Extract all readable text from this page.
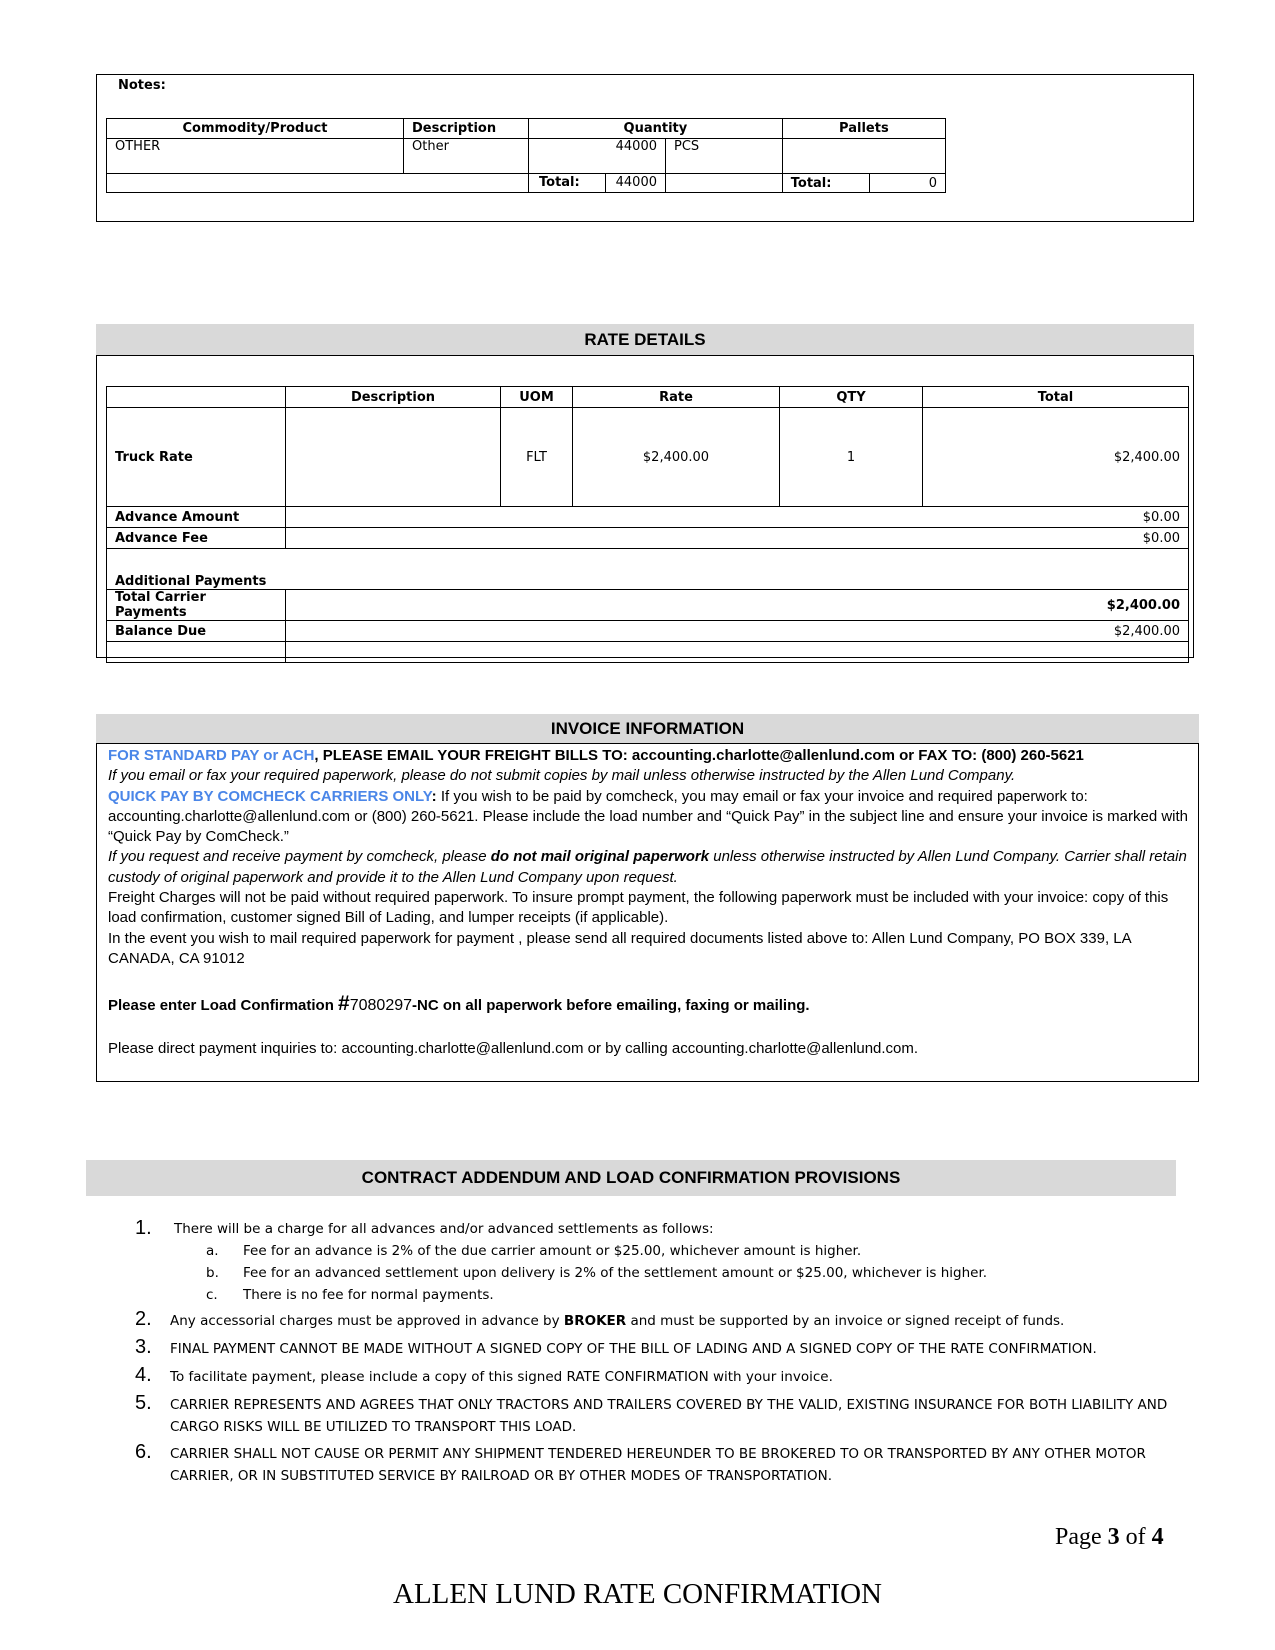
Notes:
Commodity/Product	Description	Quantity		Pallets	
OTHER	Other	44000	PCS		

		Total: 44000		Total:	0
RATE DETAILS
	Description	UOM	Rate	QTY	Total
Truck Rate		FLT	$2,400.00	1	$2,400.00
Advance Amount	$0.00				
Advance Fee	$0.00				
Additional Payments					
Total Carrier Payments	$2,400.00				
Balance Due	$2,400.00				

INVOICE INFORMATION

FOR STANDARD PAY or ACH, PLEASE EMAIL YOUR FREIGHT BILLS TO: accounting.charlotte@allenlund.com or FAX TO: (800) 260-5621

If you email or fax your required paperwork, please do not submit copies by mail unless otherwise instructed by the Allen Lund Company.

QUICK PAY BY COMCHECK CARRIERS ONLY: If you wish to be paid by comcheck, you may email or fax your invoice and required paperwork to: accounting.charlotte@allenlund.com or (800) 260-5621. Please include the load number and “Quick Pay” in the subject line and ensure your invoice is marked with “Quick Pay by ComCheck.”

If you request and receive payment by comcheck, please do not mail original paperwork unless otherwise instructed by Allen Lund Company. Carrier shall retain custody of original paperwork and provide it to the Allen Lund Company upon request.

Freight Charges will not be paid without required paperwork. To insure prompt payment, the following paperwork must be included with your invoice: copy of this load confirmation, customer signed Bill of Lading, and lumper receipts (if applicable).

In the event you wish to mail required paperwork for payment , please send all required documents listed above to: Allen Lund Company, PO BOX 339, LA CANADA, CA 91012

Please enter Load Confirmation #7080297-NC on all paperwork before emailing, faxing or mailing.

Please direct payment inquiries to: accounting.charlotte@allenlund.com or by calling accounting.charlotte@allenlund.com.

CONTRACT ADDENDUM AND LOAD CONFIRMATION PROVISIONS
1. There will be a charge for all advances and/or advanced settlements as follows:
a. Fee for an advance is 2% of the due carrier amount or $25.00, whichever amount is higher.
b. Fee for an advanced settlement upon delivery is 2% of the settlement amount or $25.00, whichever is higher.
c. There is no fee for normal payments.
2. Any accessorial charges must be approved in advance by BROKER and must be supported by an invoice or signed receipt of funds.
3. FINAL PAYMENT CANNOT BE MADE WITHOUT A SIGNED COPY OF THE BILL OF LADING AND A SIGNED COPY OF THE RATE CONFIRMATION.
4. To facilitate payment, please include a copy of this signed RATE CONFIRMATION with your invoice.
5. CARRIER REPRESENTS AND AGREES THAT ONLY TRACTORS AND TRAILERS COVERED BY THE VALID, EXISTING INSURANCE FOR BOTH LIABILITY AND
CARGO RISKS WILL BE UTILIZED TO TRANSPORT THIS LOAD.
6. CARRIER SHALL NOT CAUSE OR PERMIT ANY SHIPMENT TENDERED HEREUNDER TO BE BROKERED TO OR TRANSPORTED BY ANY OTHER MOTOR
CARRIER, OR IN SUBSTITUTED SERVICE BY RAILROAD OR BY OTHER MODES OF TRANSPORTATION.
Page 3 of 4
ALLEN LUND RATE CONFIRMATION
